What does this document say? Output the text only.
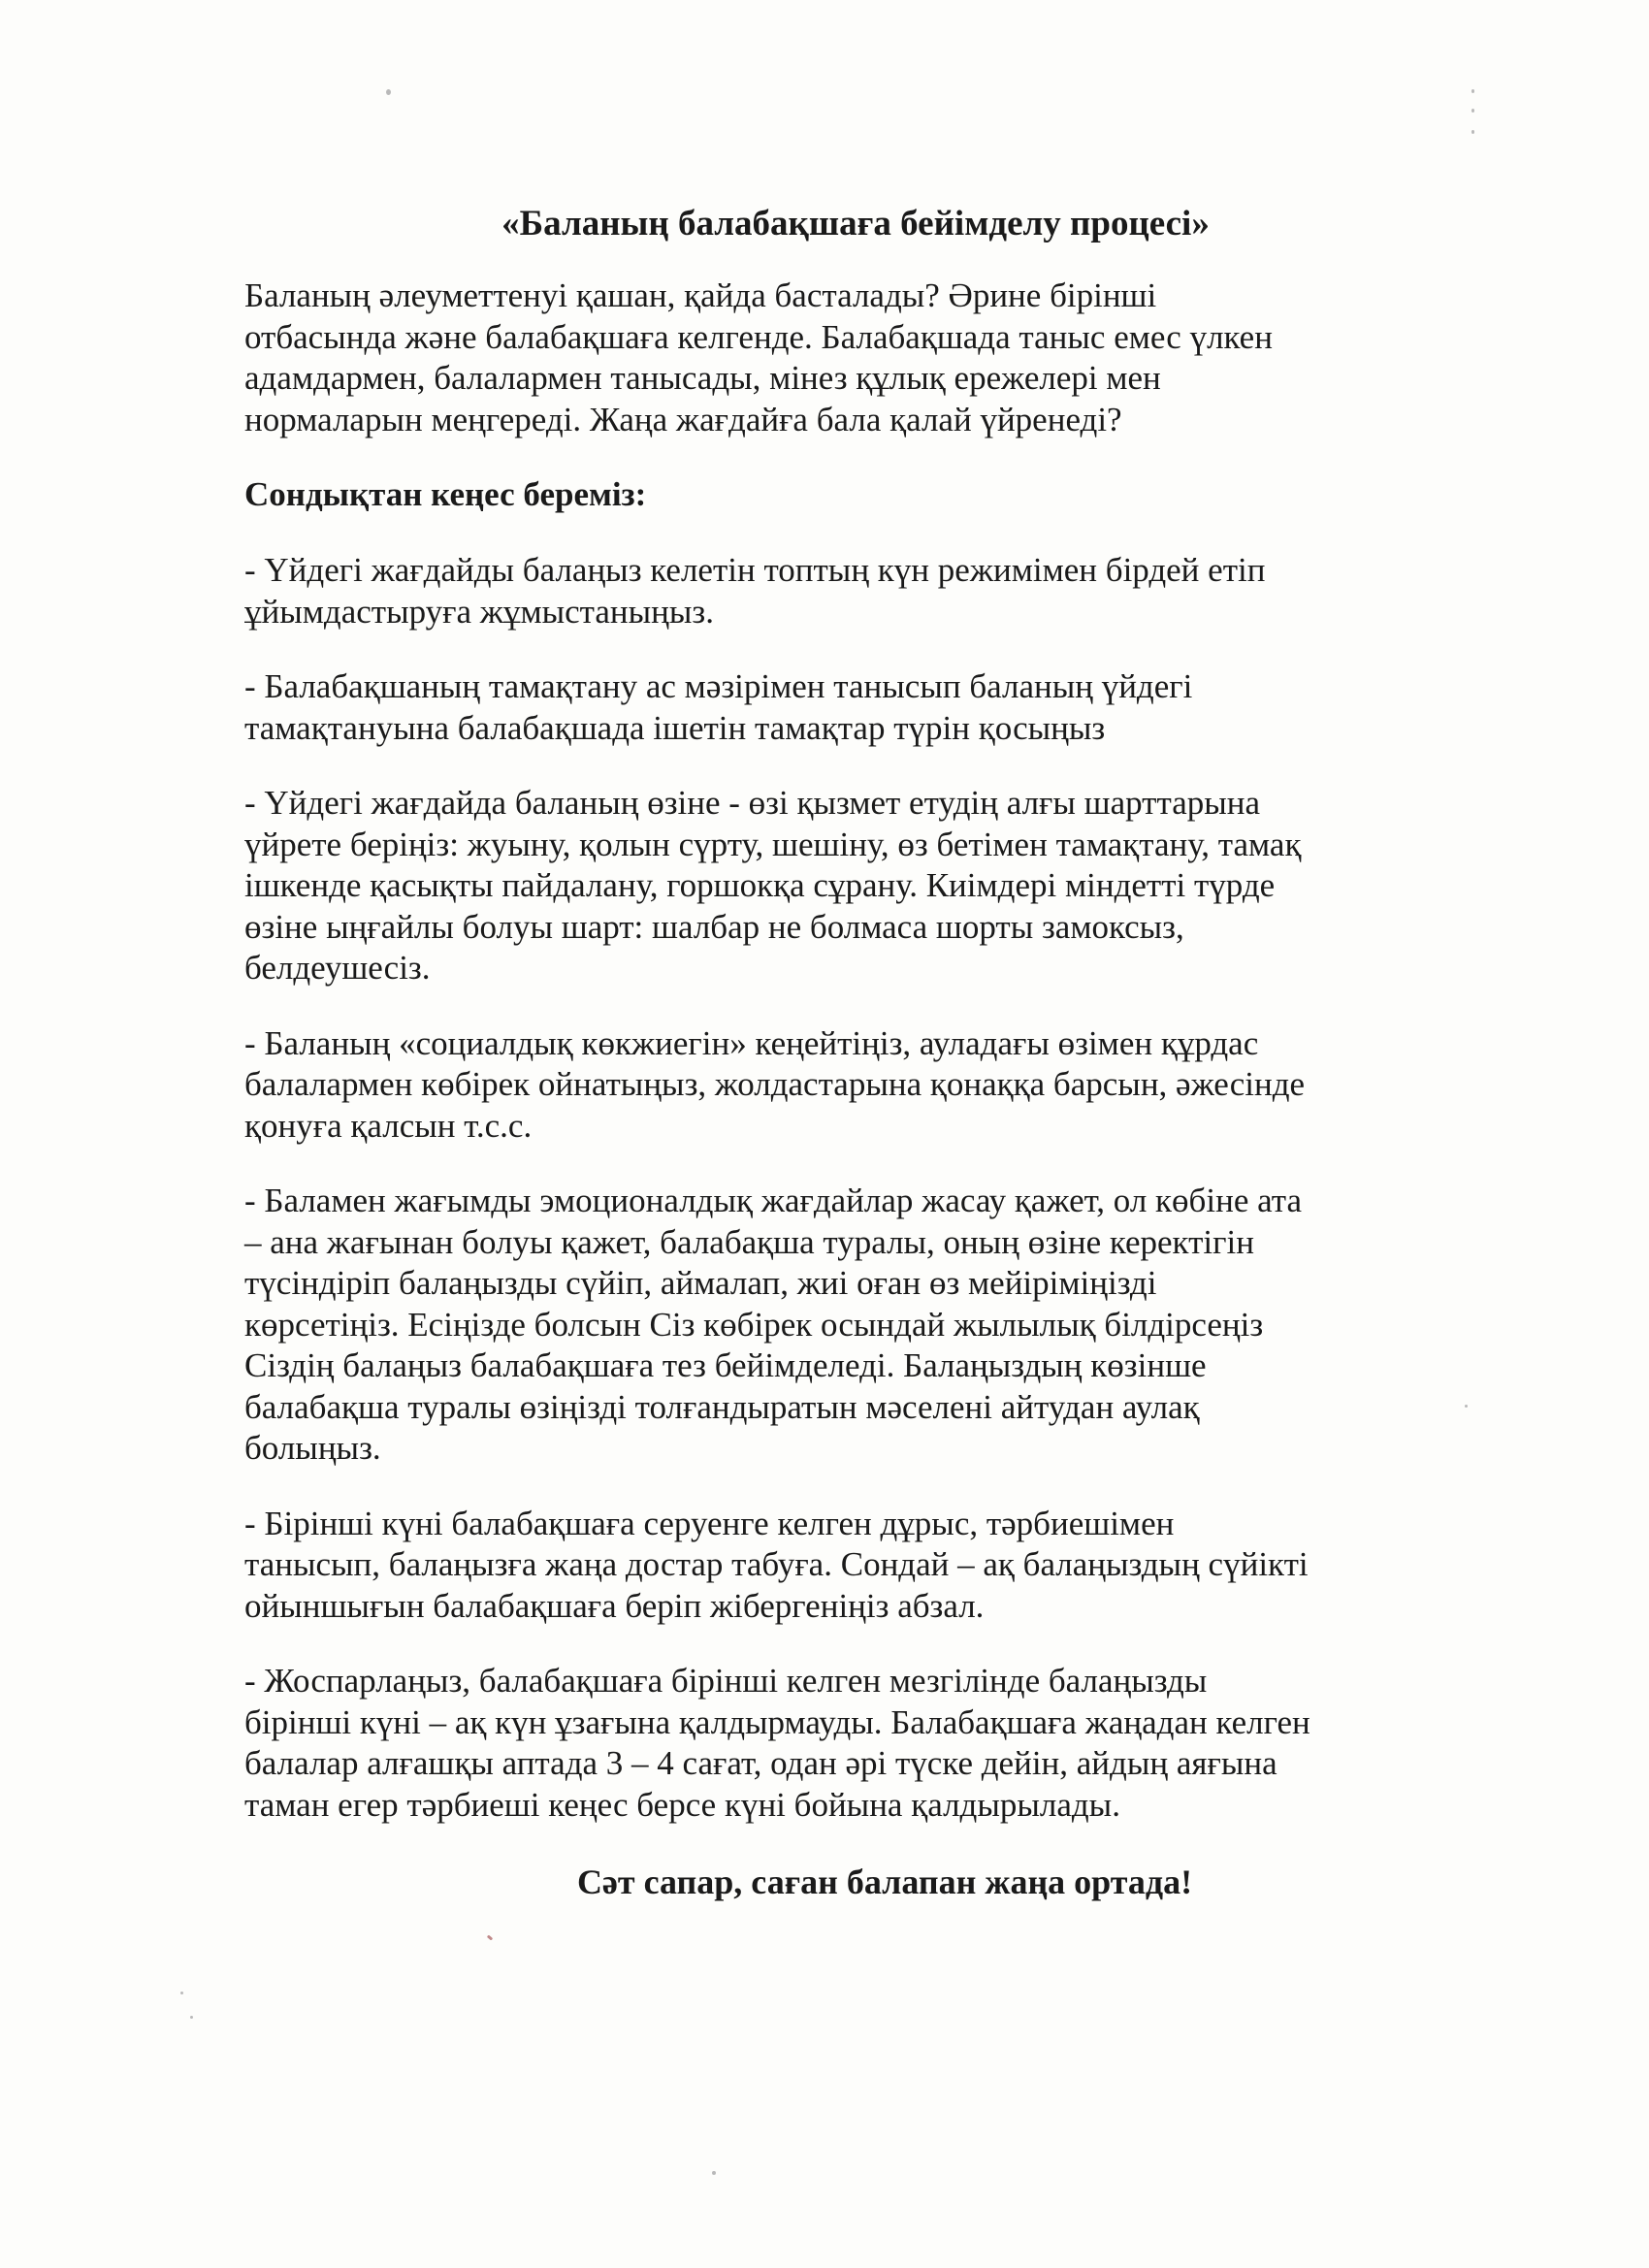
«Баланың балабақшаға бейімделу процесі»
Баланың әлеуметтенуі қашан, қайда басталады? Әрине бірінші
отбасында және балабақшаға келгенде. Балабақшада таныс емес үлкен
адамдармен, балалармен танысады, мінез құлық ережелері мен
нормаларын меңгереді. Жаңа жағдайға бала қалай үйренеді?
Сондықтан кеңес береміз:
- Үйдегі жағдайды балаңыз келетін топтың күн режимімен бірдей етіп
ұйымдастыруға жұмыстаныңыз.
- Балабақшаның тамақтану ас мәзірімен танысып баланың үйдегі
тамақтануына балабақшада ішетін тамақтар түрін қосыңыз
- Үйдегі жағдайда баланың өзіне - өзі қызмет етудің алғы шарттарына
үйрете беріңіз: жуыну, қолын сүрту, шешіну, өз бетімен тамақтану, тамақ
ішкенде қасықты пайдалану, горшокқа сұрану. Киімдері міндетті түрде
өзіне ыңғайлы болуы шарт: шалбар не болмаса шорты замоксыз,
белдеушесіз.
- Баланың «социалдық көкжиегін» кеңейтіңіз, ауладағы өзімен құрдас
балалармен көбірек ойнатыңыз, жолдастарына қонаққа барсын, әжесінде
қонуға қалсын т.с.с.
- Баламен жағымды эмоционалдық жағдайлар жасау қажет, ол көбіне ата
– ана жағынан болуы қажет, балабақша туралы, оның өзіне керектігін
түсіндіріп балаңызды сүйіп, аймалап, жиі оған өз мейіріміңізді
көрсетіңіз. Есіңізде болсын Сіз көбірек осындай жылылық білдірсеңіз
Сіздің балаңыз балабақшаға тез бейімделеді. Балаңыздың көзінше
балабақша туралы өзіңізді толғандыратын мәселені айтудан аулақ
болыңыз.
- Бірінші күні балабақшаға серуенге келген дұрыс, тәрбиешімен
танысып, балаңызға жаңа достар табуға. Сондай – ақ балаңыздың сүйікті
ойыншығын балабақшаға беріп жібергеніңіз абзал.
- Жоспарлаңыз, балабақшаға бірінші келген мезгілінде балаңызды
бірінші күні – ақ күн ұзағына қалдырмауды. Балабақшаға жаңадан келген
балалар алғашқы аптада 3 – 4 сағат, одан әрі түске дейін, айдың аяғына
таман егер тәрбиеші кеңес берсе күні бойына қалдырылады.
Сәт сапар, саған балапан жаңа ортада!
